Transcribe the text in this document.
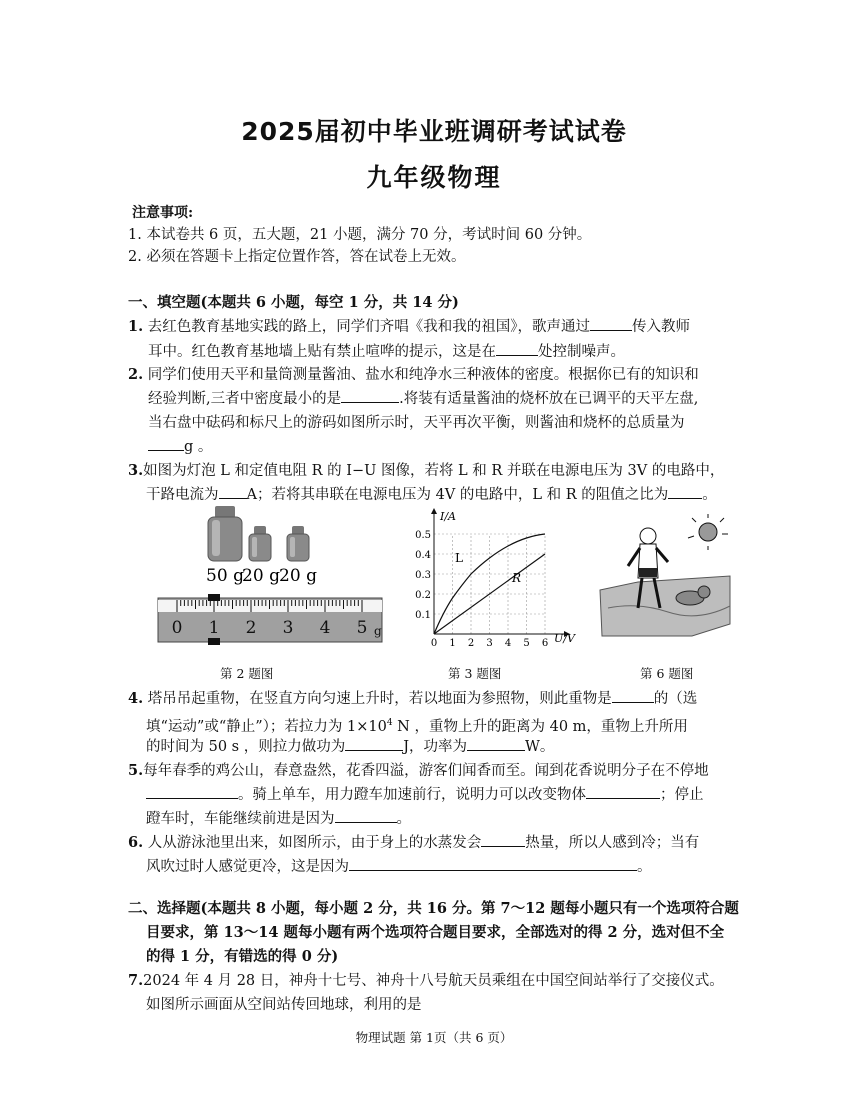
2025届初中毕业班调研考试试卷
九年级物理
注意事项:
1. 本试卷共 6 页，五大题，21 小题，满分 70 分，考试时间 60 分钟。
2. 必须在答题卡上指定位置作答，答在试卷上无效。
一、填空题(本题共 6 小题，每空 1 分，共 14 分)
1. 去红色教育基地实践的路上，同学们齐唱《我和我的祖国》，歌声通过	传入教师
耳中。红色教育基地墙上贴有禁止喧哗的提示，这是在	处控制噪声。
2. 同学们使用天平和量筒测量酱油、盐水和纯净水三种液体的密度。根据你已有的知识和
经验判断,三者中密度最小的是	.将装有适量酱油的烧杯放在已调平的天平左盘,
当右盘中砝码和标尺上的游码如图所示时，天平再次平衡，则酱油和烧杯的总质量为
g 。
3.如图为灯泡 L 和定值电阻 R 的 I−U 图像，若将 L 和 R 并联在电源电压为 3V 的电路中，
干路电流为 A；若将其串联在电源电压为 4V 的电路中，L 和 R 的阻值之比为 。
50 g
20 g 20 g
0 1 2 3 4 5 g
第 2 题图
0.5
0.4
0.3
0.2
0.1
0 1 2 3 4 5 6
I/A
U/V
L
R
第 3 题图	第 6 题图
4. 塔吊吊起重物，在竖直方向匀速上升时，若以地面为参照物，则此重物是	的（选
填“运动”或“静止”）；若拉力为 $1\times 10^4$ N ，重物上升的距离为 40 m，重物上升所用
的时间为 50 s ，则拉力做功为	J，功率为	W。
5.每年春季的鸡公山，春意盎然，花香四溢，游客们闻香而至。闻到花香说明分子在不停地
。骑上单车，用力蹬车加速前行，说明力可以改变物体	；停止
蹬车时，车能继续前进是因为	。
6. 人从游泳池里出来，如图所示，由于身上的水蒸发会	热量，所以人感到冷；当有
风吹过时人感觉更冷，这是因为	。
二、选择题(本题共 8 小题，每小题 2 分，共 16 分。第 7～12 题每小题只有一个选项符合题
目要求，第 13～14 题每小题有两个选项符合题目要求，全部选对的得 2 分，选对但不全
的得 1 分，有错选的得 0 分)
7.2024 年 4 月 28 日，神舟十七号、神舟十八号航天员乘组在中国空间站举行了交接仪式。
如图所示画面从空间站传回地球，利用的是
物理试题 第 1页（共 6 页）
